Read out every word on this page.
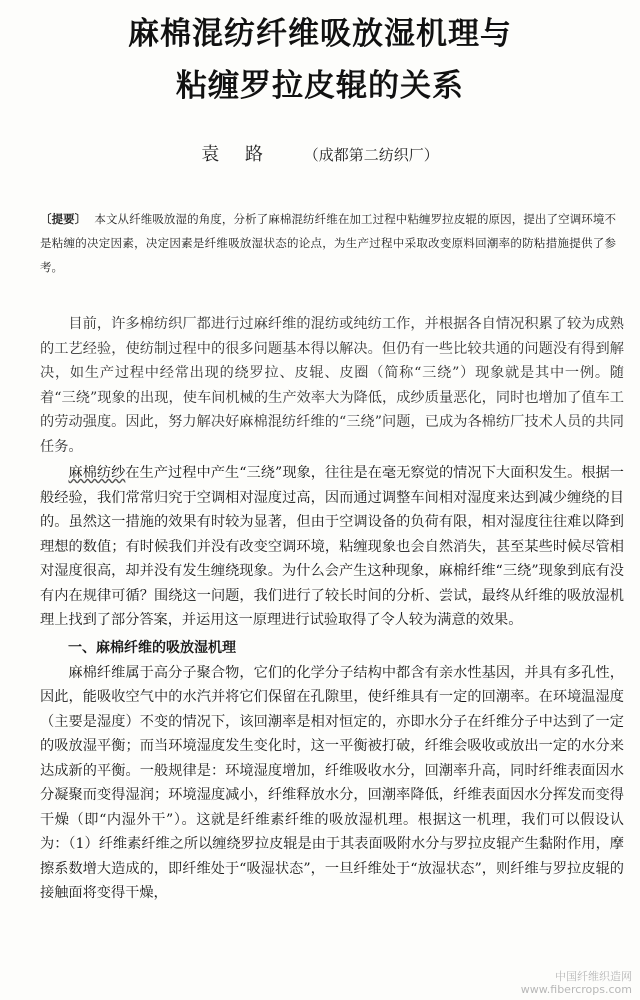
麻棉混纺纤维吸放湿机理与
粘缠罗拉皮辊的关系
袁 路 （成都第二纺织厂）
〔提要〕 本文从纤维吸放湿的角度，分析了麻棉混纺纤维在加工过程中粘缠罗拉皮辊的原因，提出了空调环境不是粘缠的决定因素，决定因素是纤维吸放湿状态的论点，为生产过程中采取改变原料回潮率的防粘措施提供了参考。

目前，许多棉纺织厂都进行过麻纤维的混纺或纯纺工作，并根据各自情况积累了较为成熟的工艺经验，使纺制过程中的很多问题基本得以解决。但仍有一些比较共通的问题没有得到解决，如生产过程中经常出现的绕罗拉、皮辊、皮圈（简称“三绕”）现象就是其中一例。随着“三绕”现象的出现，使车间机械的生产效率大为降低，成纱质量恶化，同时也增加了值车工的劳动强度。因此，努力解决好麻棉混纺纤维的“三绕”问题，已成为各棉纺厂技术人员的共同任务。

麻棉纺纱在生产过程中产生“三绕”现象，往往是在毫无察觉的情况下大面积发生。根据一般经验，我们常常归究于空调相对湿度过高，因而通过调整车间相对湿度来达到减少缠绕的目的。虽然这一措施的效果有时较为显著，但由于空调设备的负荷有限，相对湿度往往难以降到理想的数值；有时候我们并没有改变空调环境，粘缠现象也会自然消失，甚至某些时候尽管相对湿度很高，却并没有发生缠绕现象。为什么会产生这种现象，麻棉纤维“三绕”现象到底有没有内在规律可循？围绕这一问题，我们进行了较长时间的分析、尝试，最终从纤维的吸放湿机理上找到了部分答案，并运用这一原理进行试验取得了令人较为满意的效果。

一、麻棉纤维的吸放湿机理

麻棉纤维属于高分子聚合物，它们的化学分子结构中都含有亲水性基因，并具有多孔性，因此，能吸收空气中的水汽并将它们保留在孔隙里，使纤维具有一定的回潮率。在环境温湿度（主要是湿度）不变的情况下，该回潮率是相对恒定的，亦即水分子在纤维分子中达到了一定的吸放湿平衡；而当环境湿度发生变化时，这一平衡被打破，纤维会吸收或放出一定的水分来达成新的平衡。一般规律是：环境湿度增加，纤维吸收水分，回潮率升高，同时纤维表面因水分凝聚而变得湿润；环境湿度减小，纤维释放水分，回潮率降低，纤维表面因水分挥发而变得干燥（即“内湿外干”）。这就是纤维素纤维的吸放湿机理。根据这一机理，我们可以假设认为：（1）纤维素纤维之所以缠绕罗拉皮辊是由于其表面吸附水分与罗拉皮辊产生黏附作用，摩擦系数增大造成的，即纤维处于“吸湿状态”，一旦纤维处于“放湿状态”，则纤维与罗拉皮辊的接触面将变得干燥，

中国纤维织造网
www.fibercrops.com
